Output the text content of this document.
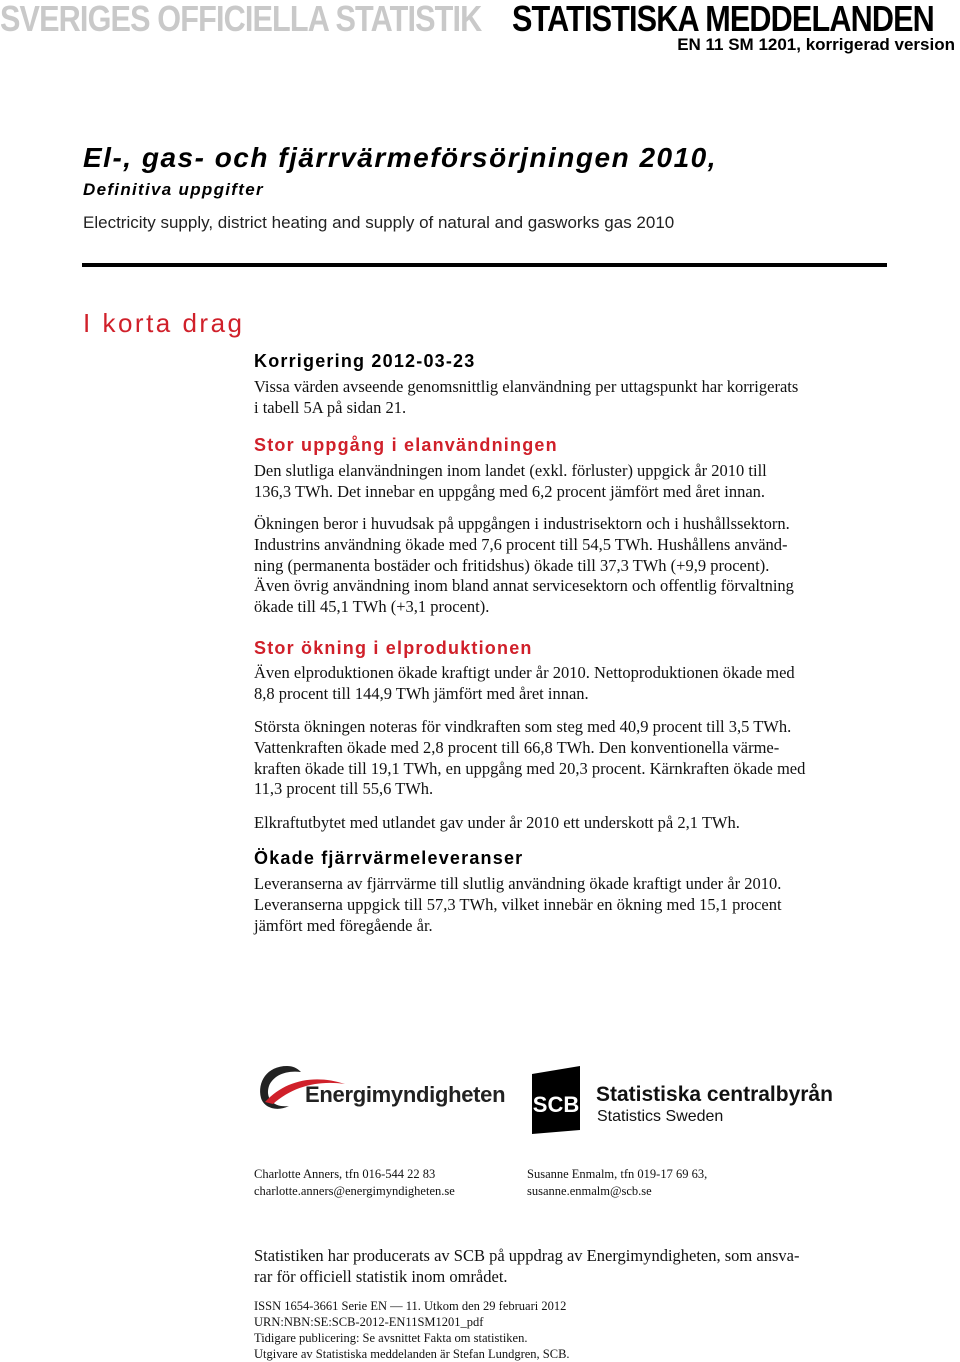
SVERIGES OFFICIELLA STATISTIK STATISTISKA MEDDELANDEN
EN 11 SM 1201, korrigerad version
El-, gas- och fjärrvärmeförsörjningen 2010,
Definitiva uppgifter
Electricity supply, district heating and supply of natural and gasworks gas 2010
I korta drag
Korrigering 2012-03-23
Vissa värden avseende genomsnittlig elanvändning per uttagspunkt har korrigerats
i tabell 5A på sidan 21.
Stor uppgång i elanvändningen
Den slutliga elanvändningen inom landet (exkl. förluster) uppgick år 2010 till
136,3 TWh. Det innebar en uppgång med 6,2 procent jämfört med året innan.
Ökningen beror i huvudsak på uppgången i industrisektorn och i hushållssektorn.
Industrins användning ökade med 7,6 procent till 54,5 TWh. Hushållens använd-
ning (permanenta bostäder och fritidshus) ökade till 37,3 TWh (+9,9 procent).
Även övrig användning inom bland annat servicesektorn och offentlig förvaltning
ökade till 45,1 TWh (+3,1 procent).
Stor ökning i elproduktionen
Även elproduktionen ökade kraftigt under år 2010. Nettoproduktionen ökade med
8,8 procent till 144,9 TWh jämfört med året innan.
Största ökningen noteras för vindkraften som steg med 40,9 procent till 3,5 TWh.
Vattenkraften ökade med 2,8 procent till 66,8 TWh. Den konventionella värme-
kraften ökade till 19,1 TWh, en uppgång med 20,3 procent. Kärnkraften ökade med
11,3 procent till 55,6 TWh.
Elkraftutbytet med utlandet gav under år 2010 ett underskott på 2,1 TWh.
Ökade fjärrvärmeleveranser
Leveranserna av fjärrvärme till slutlig användning ökade kraftigt under år 2010.
Leveranserna uppgick till 57,3 TWh, vilket innebär en ökning med 15,1 procent
jämfört med föregående år.
Energimyndigheten SCB Statistiska centralbyrån
Statistics Sweden
Charlotte Anners, tfn 016-544 22 83
charlotte.anners@energimyndigheten.se
Susanne Enmalm, tfn 019-17 69 63,
susanne.enmalm@scb.se
Statistiken har producerats av SCB på uppdrag av Energimyndigheten, som ansva-
rar för officiell statistik inom området.
ISSN 1654-3661 Serie EN — 11. Utkom den 29 februari 2012
URN:NBN:SE:SCB-2012-EN11SM1201_pdf
Tidigare publicering: Se avsnittet Fakta om statistiken.
Utgivare av Statistiska meddelanden är Stefan Lundgren, SCB.
